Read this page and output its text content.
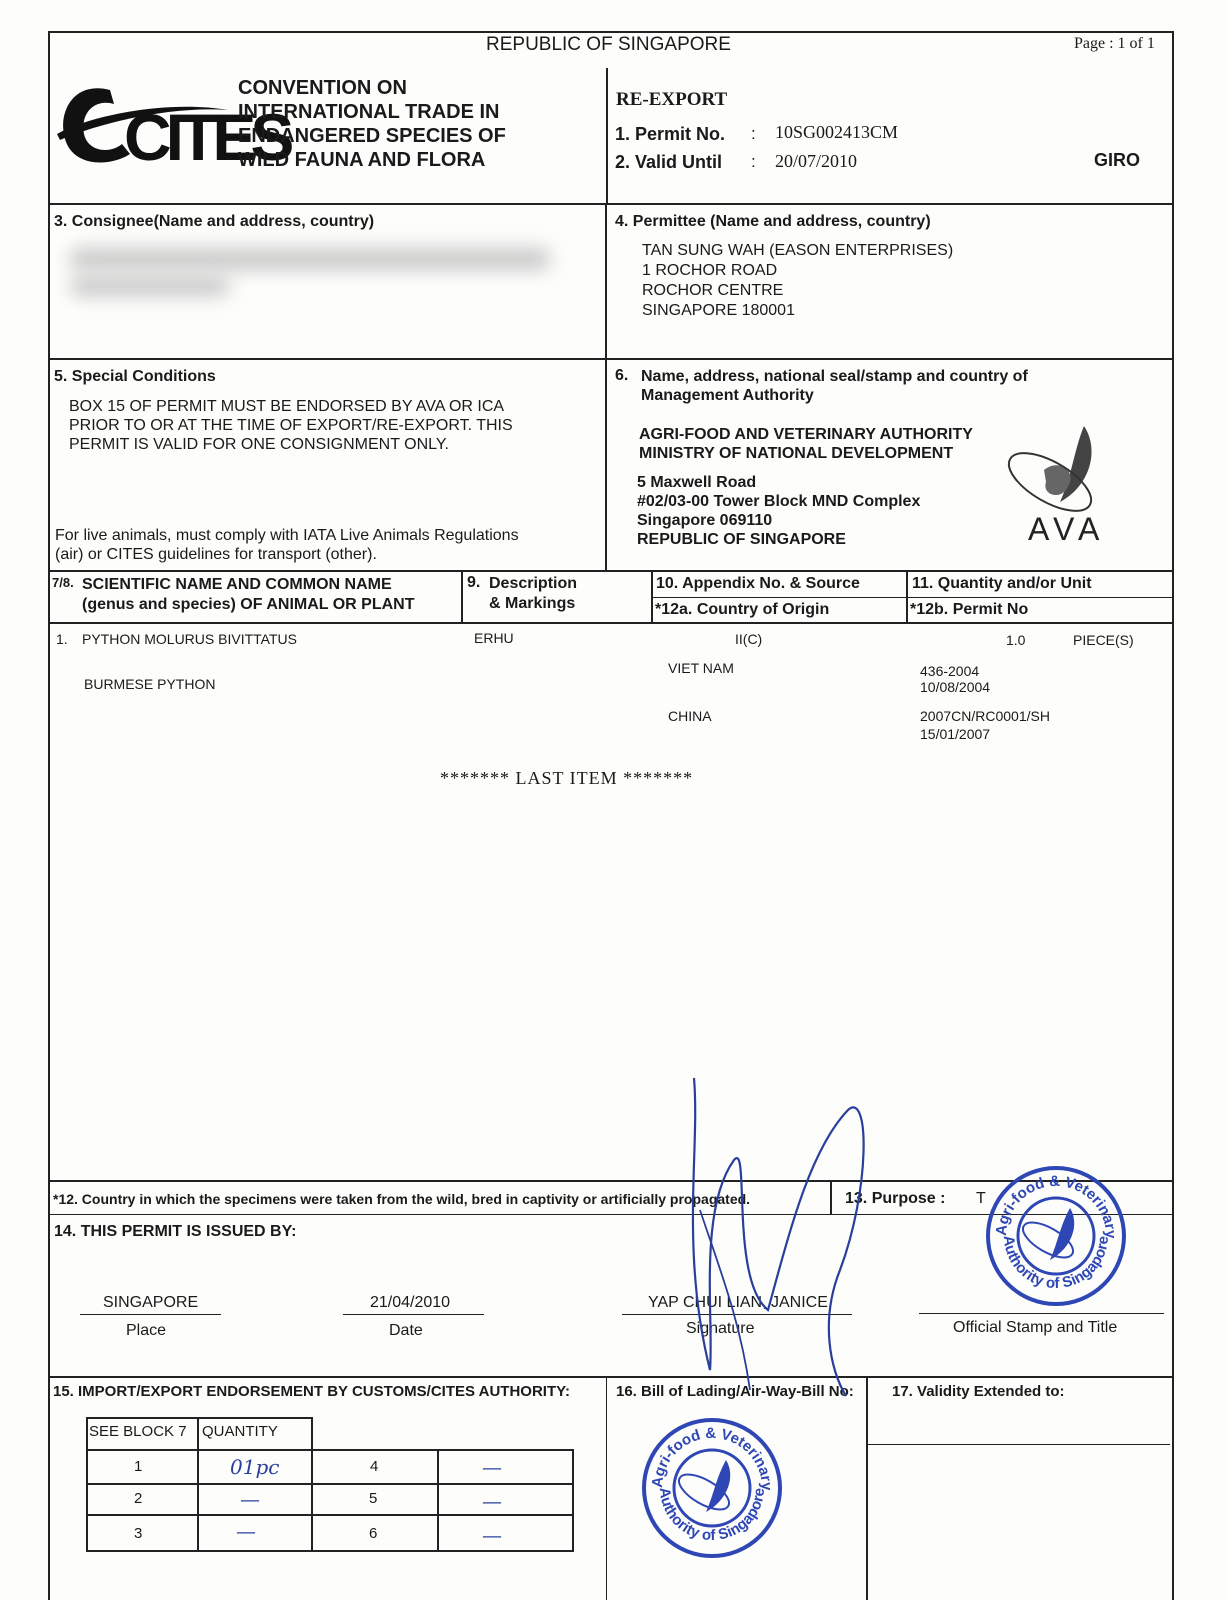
REPUBLIC OF SINGAPORE	Page : 1 of 1
CITES
CONVENTION ON
INTERNATIONAL TRADE IN
ENDANGERED SPECIES OF
WILD FAUNA AND FLORA
RE-EXPORT
1. Permit No. : 10SG002413CM
2. Valid Until : 20/07/2010	GIRO
3. Consignee(Name and address, country)	4. Permittee (Name and address, country)
TAN SUNG WAH (EASON ENTERPRISES)
1 ROCHOR ROAD
ROCHOR CENTRE
SINGAPORE 180001
5. Special Conditions
BOX 15 OF PERMIT MUST BE ENDORSED BY AVA OR ICA
PRIOR TO OR AT THE TIME OF EXPORT/RE-EXPORT. THIS
PERMIT IS VALID FOR ONE CONSIGNMENT ONLY.
For live animals, must comply with IATA Live Animals Regulations
(air) or CITES guidelines for transport (other).
6. Name, address, national seal/stamp and country of
Management Authority
AGRI-FOOD AND VETERINARY AUTHORITY
MINISTRY OF NATIONAL DEVELOPMENT
5 Maxwell Road
#02/03-00 Tower Block MND Complex
Singapore 069110
REPUBLIC OF SINGAPORE	AVA
7/8. SCIENTIFIC NAME AND COMMON NAME
(genus and species) OF ANIMAL OR PLANT
9. Description
& Markings
10. Appendix No. & Source
*12a. Country of Origin
11. Quantity and/or Unit
*12b. Permit No
1. PYTHON MOLURUS BIVITTATUS
BURMESE PYTHON
ERHU	II(C)	1.0	PIECE(S)
VIET NAM	436-2004
10/08/2004
CHINA	2007CN/RC0001/SH
15/01/2007
******* LAST ITEM *******
*12. Country in which the specimens were taken from the wild, bred in captivity or artificially propagated.	13. Purpose : T
14. THIS PERMIT IS ISSUED BY:
SINGAPORE
Place
21/04/2010
Date
YAP CHUI LIAN, JANICE
Signature	Official Stamp and Title
Agri-food & Veterinary
Authority of Singapore
15. IMPORT/EXPORT ENDORSEMENT BY CUSTOMS/CITES AUTHORITY:	16. Bill of Lading/Air-Way-Bill No:	17. Validity Extended to:
SEE BLOCK 7 QUANTITY
1	01pc	4	—
2	—	5	—
3	—	6	—
Agri-food & Veterinary
Authority of Singapore
